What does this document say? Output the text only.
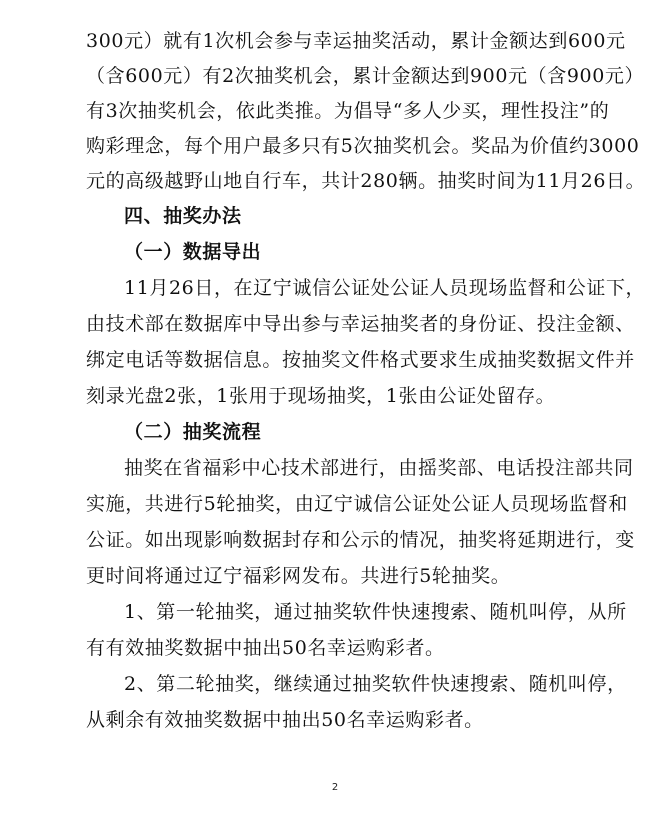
300元）就有1次机会参与幸运抽奖活动，累计金额达到600元
（含600元）有2次抽奖机会，累计金额达到900元（含900元）
有3次抽奖机会，依此类推。为倡导“多人少买，理性投注”的
购彩理念，每个用户最多只有5次抽奖机会。奖品为价值约3000
元的高级越野山地自行车，共计280辆。抽奖时间为11月26日。
四、抽奖办法
（一）数据导出
11月26日，在辽宁诚信公证处公证人员现场监督和公证下，
由技术部在数据库中导出参与幸运抽奖者的身份证、投注金额、
绑定电话等数据信息。按抽奖文件格式要求生成抽奖数据文件并
刻录光盘2张，1张用于现场抽奖，1张由公证处留存。
（二）抽奖流程
抽奖在省福彩中心技术部进行，由摇奖部、电话投注部共同
实施，共进行5轮抽奖，由辽宁诚信公证处公证人员现场监督和
公证。如出现影响数据封存和公示的情况，抽奖将延期进行，变
更时间将通过辽宁福彩网发布。共进行5轮抽奖。
1、第一轮抽奖，通过抽奖软件快速搜索、随机叫停，从所
有有效抽奖数据中抽出50名幸运购彩者。
2、第二轮抽奖，继续通过抽奖软件快速搜索、随机叫停，
从剩余有效抽奖数据中抽出50名幸运购彩者。
2
